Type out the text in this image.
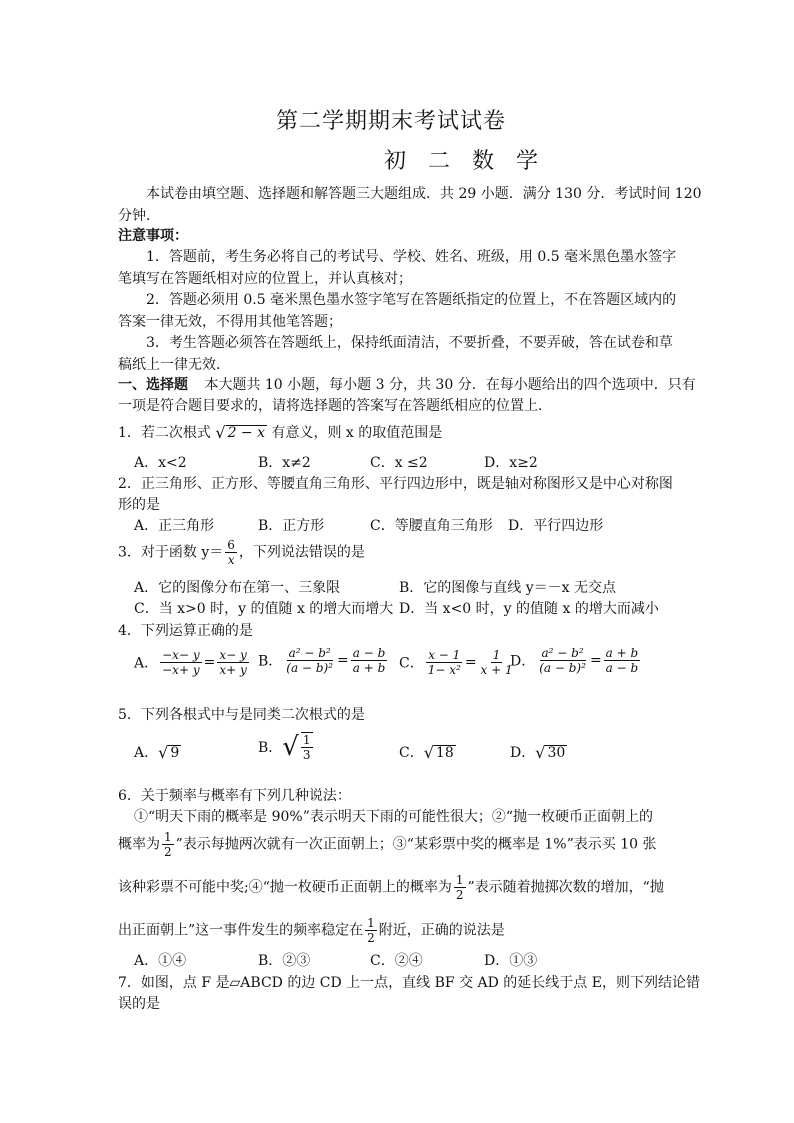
第二学期期末考试试卷
初 二 数 学
本试卷由填空题、选择题和解答题三大题组成．共 29 小题．满分 130 分．考试时间 120
分钟．
注意事项：
1．答题前，考生务必将自己的考试号、学校、姓名、班级，用 0.5 毫米黑色墨水签字
笔填写在答题纸相对应的位置上，并认真核对；
2．答题必须用 0.5 毫米黑色墨水签字笔写在答题纸指定的位置上，不在答题区域内的
答案一律无效，不得用其他笔答题；
3．考生答题必须答在答题纸上，保持纸面清洁，不要折叠，不要弄破，答在试卷和草
稿纸上一律无效．
一、选择题 本大题共 10 小题，每小题 3 分，共 30 分．在每小题给出的四个选项中．只有
一项是符合题目要求的，请将选择题的答案写在答题纸相应的位置上．
1．若二次根式 √ 2 − x 有意义，则 x 的取值范围是
A．x<2	B．x≠2	C．x ≤2	D．x≥2
2．正三角形、正方形、等腰直角三角形、平行四边形中，既是轴对称图形又是中心对称图
形的是
A．正三角形	B．正方形	C．等腰直角三角形 D．平行四边形
3．对于函数 $y= \frac{6}{x}$ ，下列说法错误的是
A．它的图像分布在第一、三象限	B．它的图像与直线 y＝－x 无交点
C．当 x>0 时，y 的值随 x 的增大而增大 D．当 x<0 时，y 的值随 x 的增大而减小
4．下列运算正确的是
A． $\frac{-x- y}{-x+ y} = \frac{x- y}{x+ y}$ B． $\frac{\text{a² − b²}}{\text{(a − b)²}} = \frac{a - b}{a + b}$ C． $\frac{x - 1}{\text{1− x²}} = \frac{1}{x + 1}$
D． $\frac{\text{a² − b²}}{\text{(a − b)²}} = \frac{a + b}{a - b}$
5．下列各根式中与是同类二次根式的是
A． √ 9	B． √ $\frac{1}{3}$	C． √ 18	D． √ 30
6．关于频率与概率有下列几种说法：
①“明天下雨的概率是 90%”表示明天下雨的可能性很大；②“抛一枚硬币正面朝上的
概率为 $\frac{1}{2}$ ”表示每抛两次就有一次正面朝上；③“某彩票中奖的概率是 1%”表示买 10 张
该种彩票不可能中奖;④“抛一枚硬币正面朝上的概率为 $\frac{1}{2}$ ”表示随着抛掷次数的增加，“抛
出正面朝上”这一事件发生的频率稳定在 $\frac{1}{2}$ 附近，正确的说法是
A．①④	B．②③	C．②④	D．①③
7．如图，点 F 是▱ABCD 的边 CD 上一点，直线 BF 交 AD 的延长线于点 E，则下列结论错
误的是
